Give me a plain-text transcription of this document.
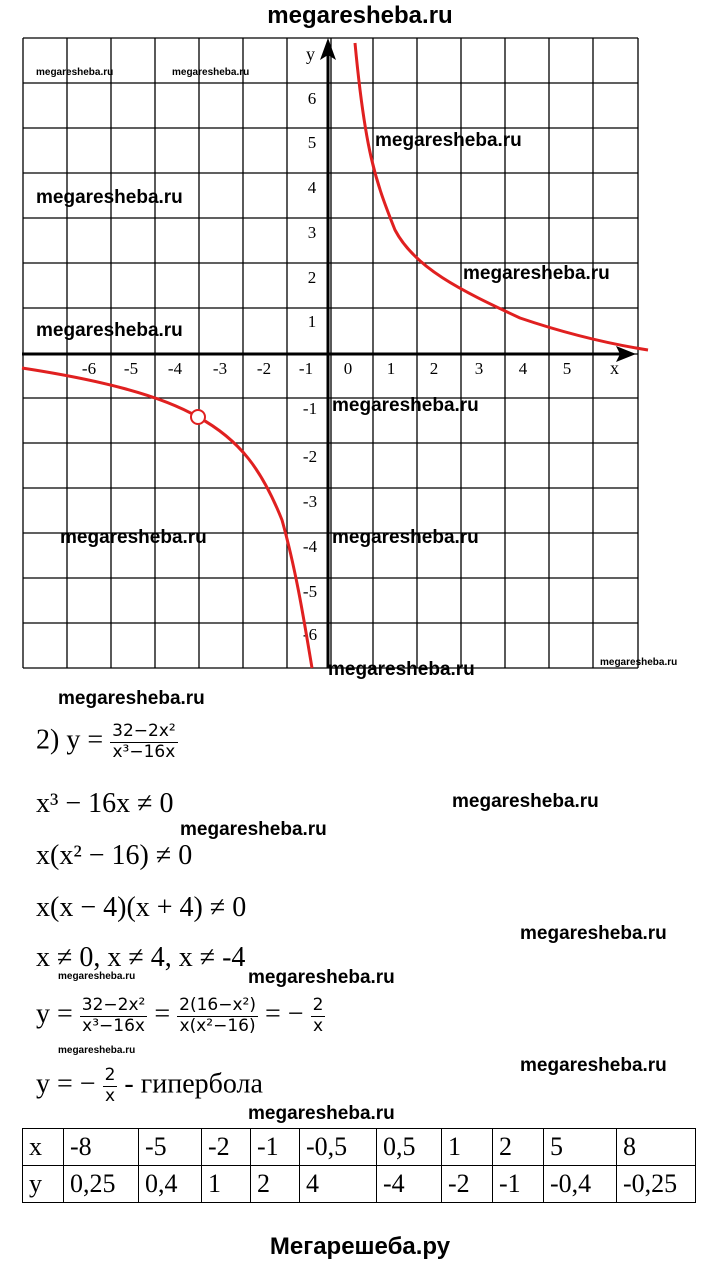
megaresheba.ru
-6 -5 -4 -3 -2 -1 0 1 2 3 4 5
6
5
4
3
2
1
-1
-2
-3
-4
-5
-6
x
y
megaresheba.ru	megaresheba.ru
megaresheba.ru
megaresheba.ru
megaresheba.ru
megaresheba.ru
megaresheba.ru
megaresheba.ru	megaresheba.ru
megaresheba.ru	megaresheba.ru
megaresheba.ru
megaresheba.ru
megaresheba.ru
megaresheba.ru
megaresheba.ru	megaresheba.ru
megaresheba.ru
megaresheba.ru
megaresheba.ru
2) $y = \frac{\text{32−2x²}}{\text{x³−16x}}$
x³ − 16x ≠ 0
x(x² − 16) ≠ 0
x(x − 4)(x + 4) ≠ 0
x ≠ 0, x ≠ 4, x ≠ -4
$y = \frac{\text{32−2x²}}{\text{x³−16x}} = \frac{\text{2(16−x²)}}{\text{x(x²−16)}}$ = − $\frac{2}{x}$
y = − $\frac{2}{x}$ - гипербола
x	-8	-5	-2	-1	-0,5	0,5	1	2	5	8
y	0,25	0,4	1	2	4	-4	-2	-1	-0,4	-0,25
Мегарешеба.ру
